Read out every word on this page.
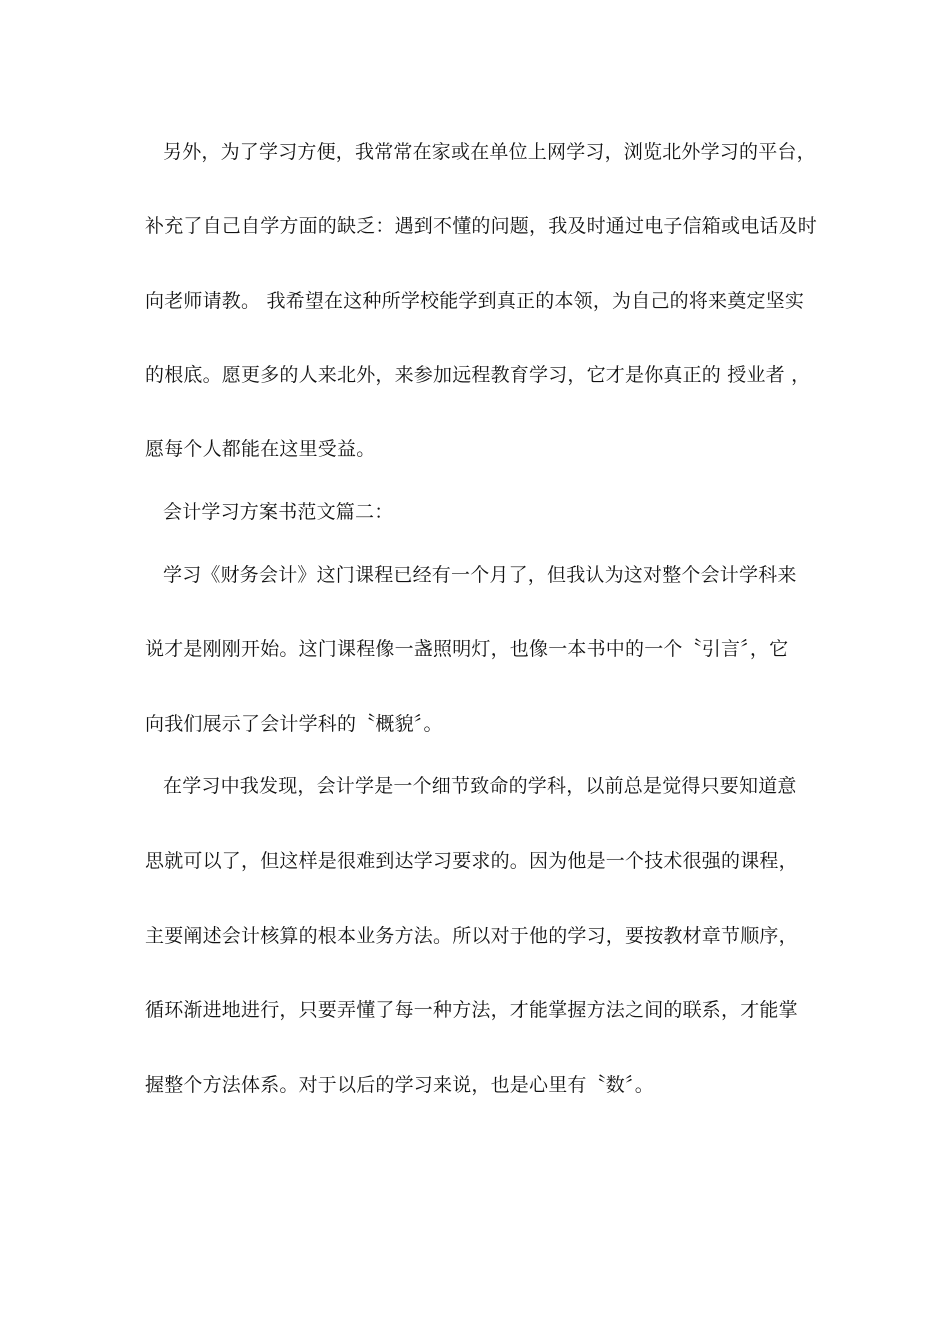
另外，为了学习方便，我常常在家或在单位上网学习，浏览北外学习的平台，
补充了自己自学方面的缺乏：遇到不懂的问题，我及时通过电子信箱或电话及时
向老师请教。 我希望在这种所学校能学到真正的本领，为自己的将来奠定坚实
的根底。愿更多的人来北外，来参加远程教育学习，它才是你真正的 授业者 ，
愿每个人都能在这里受益。
会计学习方案书范文篇二：
学习《财务会计》这门课程已经有一个月了，但我认为这对整个会计学科来
说才是刚刚开始。这门课程像一盏照明灯，也像一本书中的一个〝引言〞，它
向我们展示了会计学科的〝概貌〞。
在学习中我发现，会计学是一个细节致命的学科，以前总是觉得只要知道意
思就可以了，但这样是很难到达学习要求的。因为他是一个技术很强的课程，
主要阐述会计核算的根本业务方法。所以对于他的学习，要按教材章节顺序，
循环渐进地进行，只要弄懂了每一种方法，才能掌握方法之间的联系，才能掌
握整个方法体系。对于以后的学习来说，也是心里有〝数〞。
